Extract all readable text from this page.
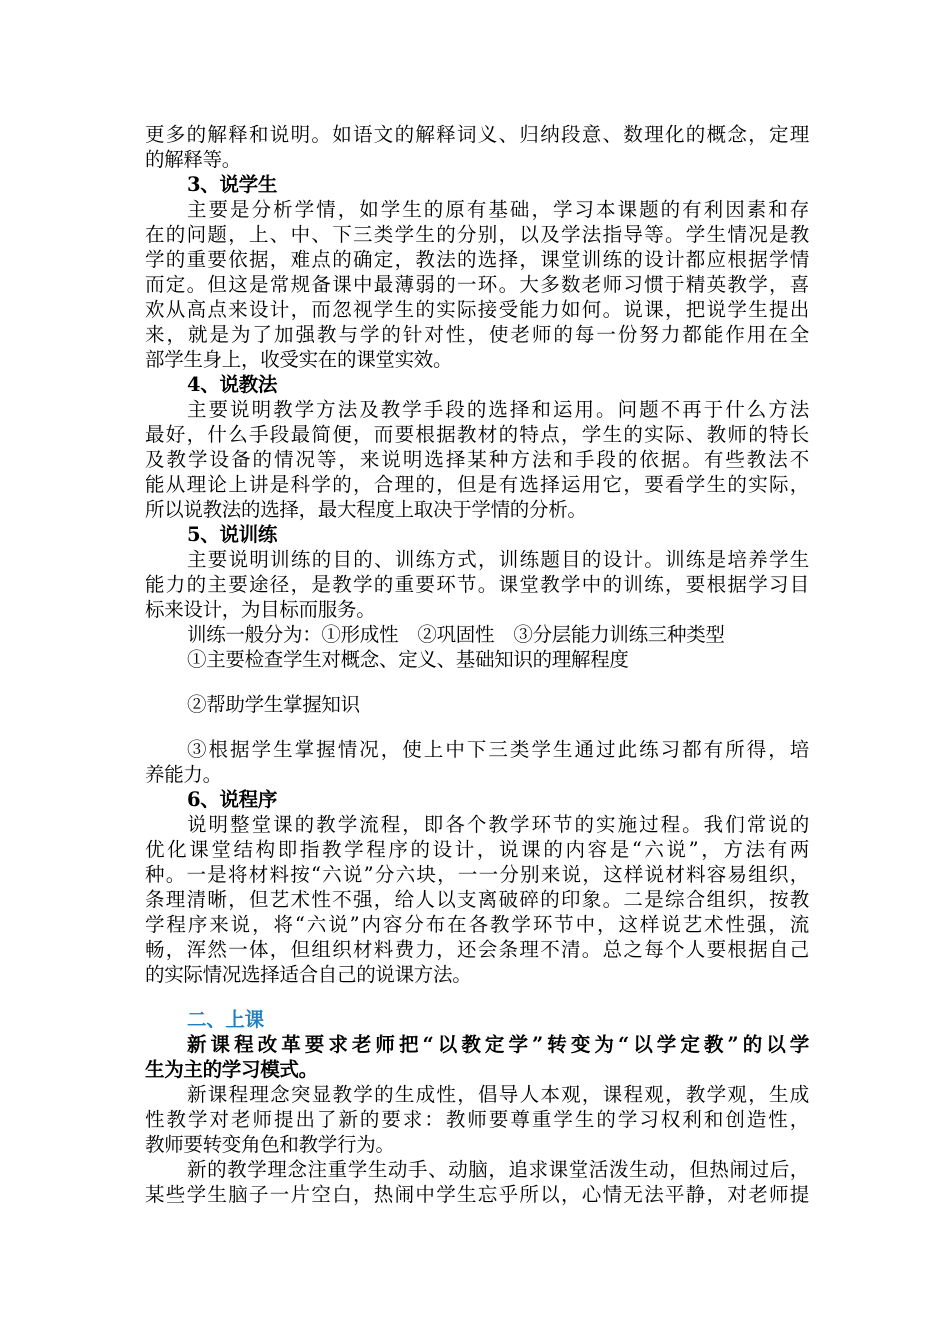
更多的解释和说明。如语文的解释词义、归纳段意、数理化的概念，定理
的解释等。
3、说学生
主要是分析学情，如学生的原有基础，学习本课题的有利因素和存
在的问题，上、中、下三类学生的分别，以及学法指导等。学生情况是教
学的重要依据，难点的确定，教法的选择，课堂训练的设计都应根据学情
而定。但这是常规备课中最薄弱的一环。大多数老师习惯于精英教学，喜
欢从高点来设计，而忽视学生的实际接受能力如何。说课，把说学生提出
来，就是为了加强教与学的针对性，使老师的每一份努力都能作用在全
部学生身上，收受实在的课堂实效。
4、说教法
主要说明教学方法及教学手段的选择和运用。问题不再于什么方法
最好，什么手段最简便，而要根据教材的特点，学生的实际、教师的特长
及教学设备的情况等，来说明选择某种方法和手段的依据。有些教法不
能从理论上讲是科学的，合理的，但是有选择运用它，要看学生的实际，
所以说教法的选择，最大程度上取决于学情的分析。
5、说训练
主要说明训练的目的、训练方式，训练题目的设计。训练是培养学生
能力的主要途径，是教学的重要环节。课堂教学中的训练，要根据学习目
标来设计，为目标而服务。
训练一般分为：①形成性　②巩固性　③分层能力训练三种类型
①主要检查学生对概念、定义、基础知识的理解程度
②帮助学生掌握知识
③根据学生掌握情况，使上中下三类学生通过此练习都有所得，培
养能力。
6、说程序
说明整堂课的教学流程，即各个教学环节的实施过程。我们常说的
优化课堂结构即指教学程序的设计，说课的内容是“六说”，方法有两
种。一是将材料按“六说”分六块，一一分别来说，这样说材料容易组织，
条理清晰，但艺术性不强，给人以支离破碎的印象。二是综合组织，按教
学程序来说，将“六说”内容分布在各教学环节中，这样说艺术性强，流
畅，浑然一体，但组织材料费力，还会条理不清。总之每个人要根据自己
的实际情况选择适合自己的说课方法。
二、上课
新课程改革要求老师把“以教定学”转变为“以学定教”的以学
生为主的学习模式。
新课程理念突显教学的生成性，倡导人本观，课程观，教学观，生成
性教学对老师提出了新的要求：教师要尊重学生的学习权利和创造性，
教师要转变角色和教学行为。
新的教学理念注重学生动手、动脑，追求课堂活泼生动，但热闹过后，
某些学生脑子一片空白，热闹中学生忘乎所以，心情无法平静，对老师提
